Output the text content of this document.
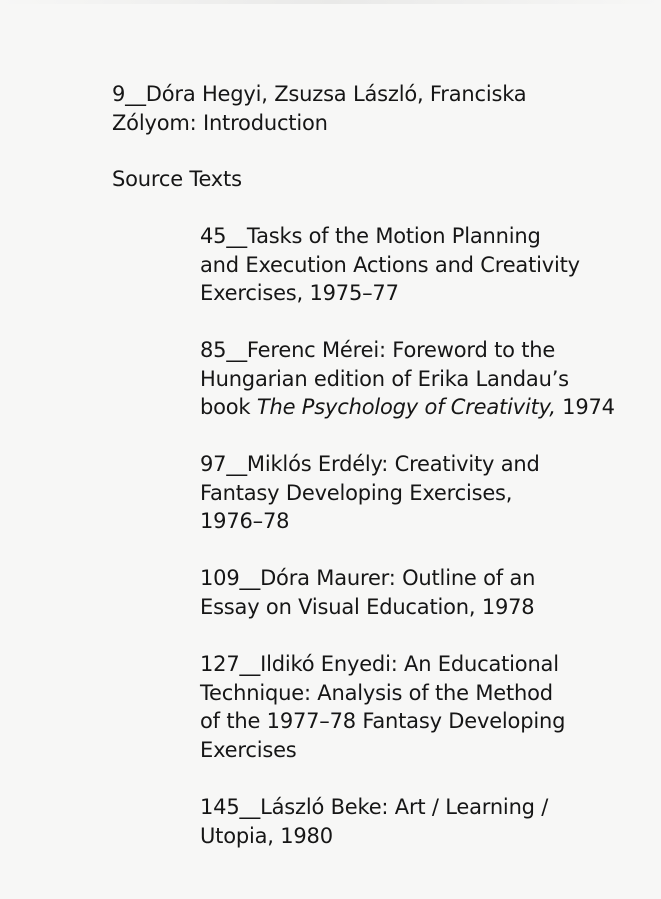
9__Dóra Hegyi, Zsuzsa László, Franciska
Zólyom: Introduction

Source Texts

45__Tasks of the Motion Planning
and Execution Actions and Creativity
Exercises, 1975–77

85__Ferenc Mérei: Foreword to the
Hungarian edition of Erika Landau’s
book The Psychology of Creativity, 1974

97__Miklós Erdély: Creativity and
Fantasy Developing Exercises,
1976–78

109__Dóra Maurer: Outline of an
Essay on Visual Education, 1978

127__Ildikó Enyedi: An Educational
Technique: Analysis of the Method
of the 1977–78 Fantasy Developing
Exercises

145__László Beke: Art / Learning /
Utopia, 1980
